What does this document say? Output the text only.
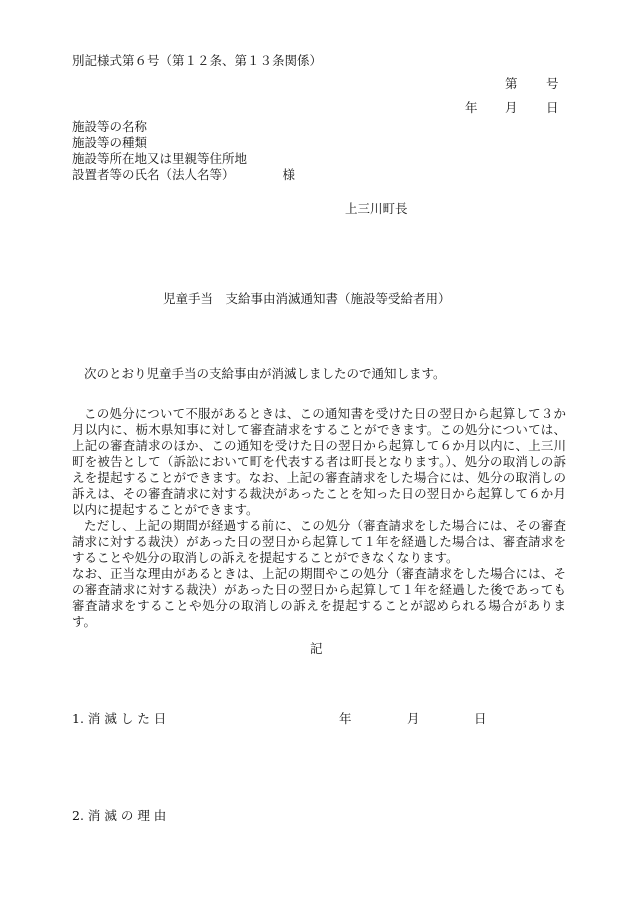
別記様式第６号（第１２条、第１３条関係）
第 号
年 月 日
施設等の名称
施設等の種類
施設等所在地又は里親等住所地
設置者等の氏名（法人名等）	様
上三川町長
児童手当　支給事由消滅通知書（施設等受給者用）
次のとおり児童手当の支給事由が消滅しましたので通知します。

この処分について不服があるときは、この通知書を受けた日の翌日から起算して３か月以内に、栃木県知事に対して審査請求をすることができます。この処分については、上記の審査請求のほか、この通知を受けた日の翌日から起算して６か月以内に、上三川町を被告として（訴訟において町を代表する者は町長となります。）、処分の取消しの訴えを提起することができます。なお、上記の審査請求をした場合には、処分の取消しの訴えは、その審査請求に対する裁決があったことを知った日の翌日から起算して６か月以内に提起することができます。

ただし、上記の期間が経過する前に、この処分（審査請求をした場合には、その審査請求に対する裁決）があった日の翌日から起算して１年を経過した場合は、審査請求をすることや処分の取消しの訴えを提起することができなくなります。

なお、正当な理由があるときは、上記の期間やこの処分（審査請求をした場合には、その審査請求に対する裁決）があった日の翌日から起算して１年を経過した後であっても審査請求をすることや処分の取消しの訴えを提起することが認められる場合があります。

記
1. 消 滅 し た 日	年	月	日
2. 消 滅 の 理 由
